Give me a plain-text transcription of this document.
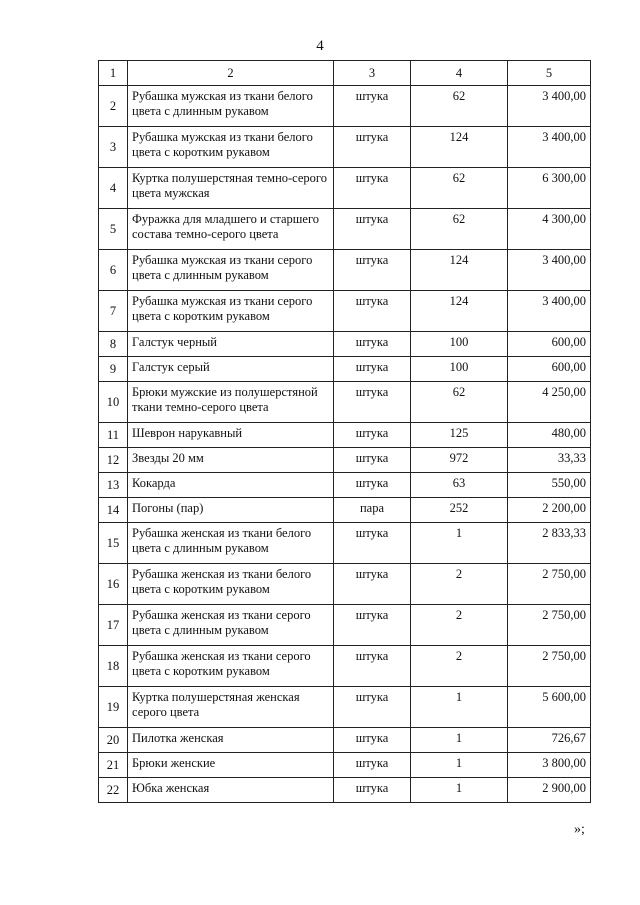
4
1	2	3	4	5
2	Рубашка мужская из ткани белого цвета с длинным рукавом	штука	62	3 400,00
3	Рубашка мужская из ткани белого цвета с коротким рукавом	штука	124	3 400,00
4	Куртка полушерстяная темно-серого цвета мужская	штука	62	6 300,00
5	Фуражка для младшего и старшего состава темно-серого цвета	штука	62	4 300,00
6	Рубашка мужская из ткани серого цвета с длинным рукавом	штука	124	3 400,00
7	Рубашка мужская из ткани серого цвета с коротким рукавом	штука	124	3 400,00
8	Галстук черный	штука	100	600,00
9	Галстук серый	штука	100	600,00
10	Брюки мужские из полушерстяной ткани темно-серого цвета	штука	62	4 250,00
11	Шеврон нарукавный	штука	125	480,00
12	Звезды 20 мм	штука	972	33,33
13	Кокарда	штука	63	550,00
14	Погоны (пар)	пара	252	2 200,00
15	Рубашка женская из ткани белого цвета с длинным рукавом	штука	1	2 833,33
16	Рубашка женская из ткани белого цвета с коротким рукавом	штука	2	2 750,00
17	Рубашка женская из ткани серого цвета с длинным рукавом	штука	2	2 750,00
18	Рубашка женская из ткани серого цвета с коротким рукавом	штука	2	2 750,00
19	Куртка полушерстяная женская серого цвета	штука	1	5 600,00
20	Пилотка женская	штука	1	726,67
21	Брюки женские	штука	1	3 800,00
22	Юбка женская	штука	1	2 900,00
»;
